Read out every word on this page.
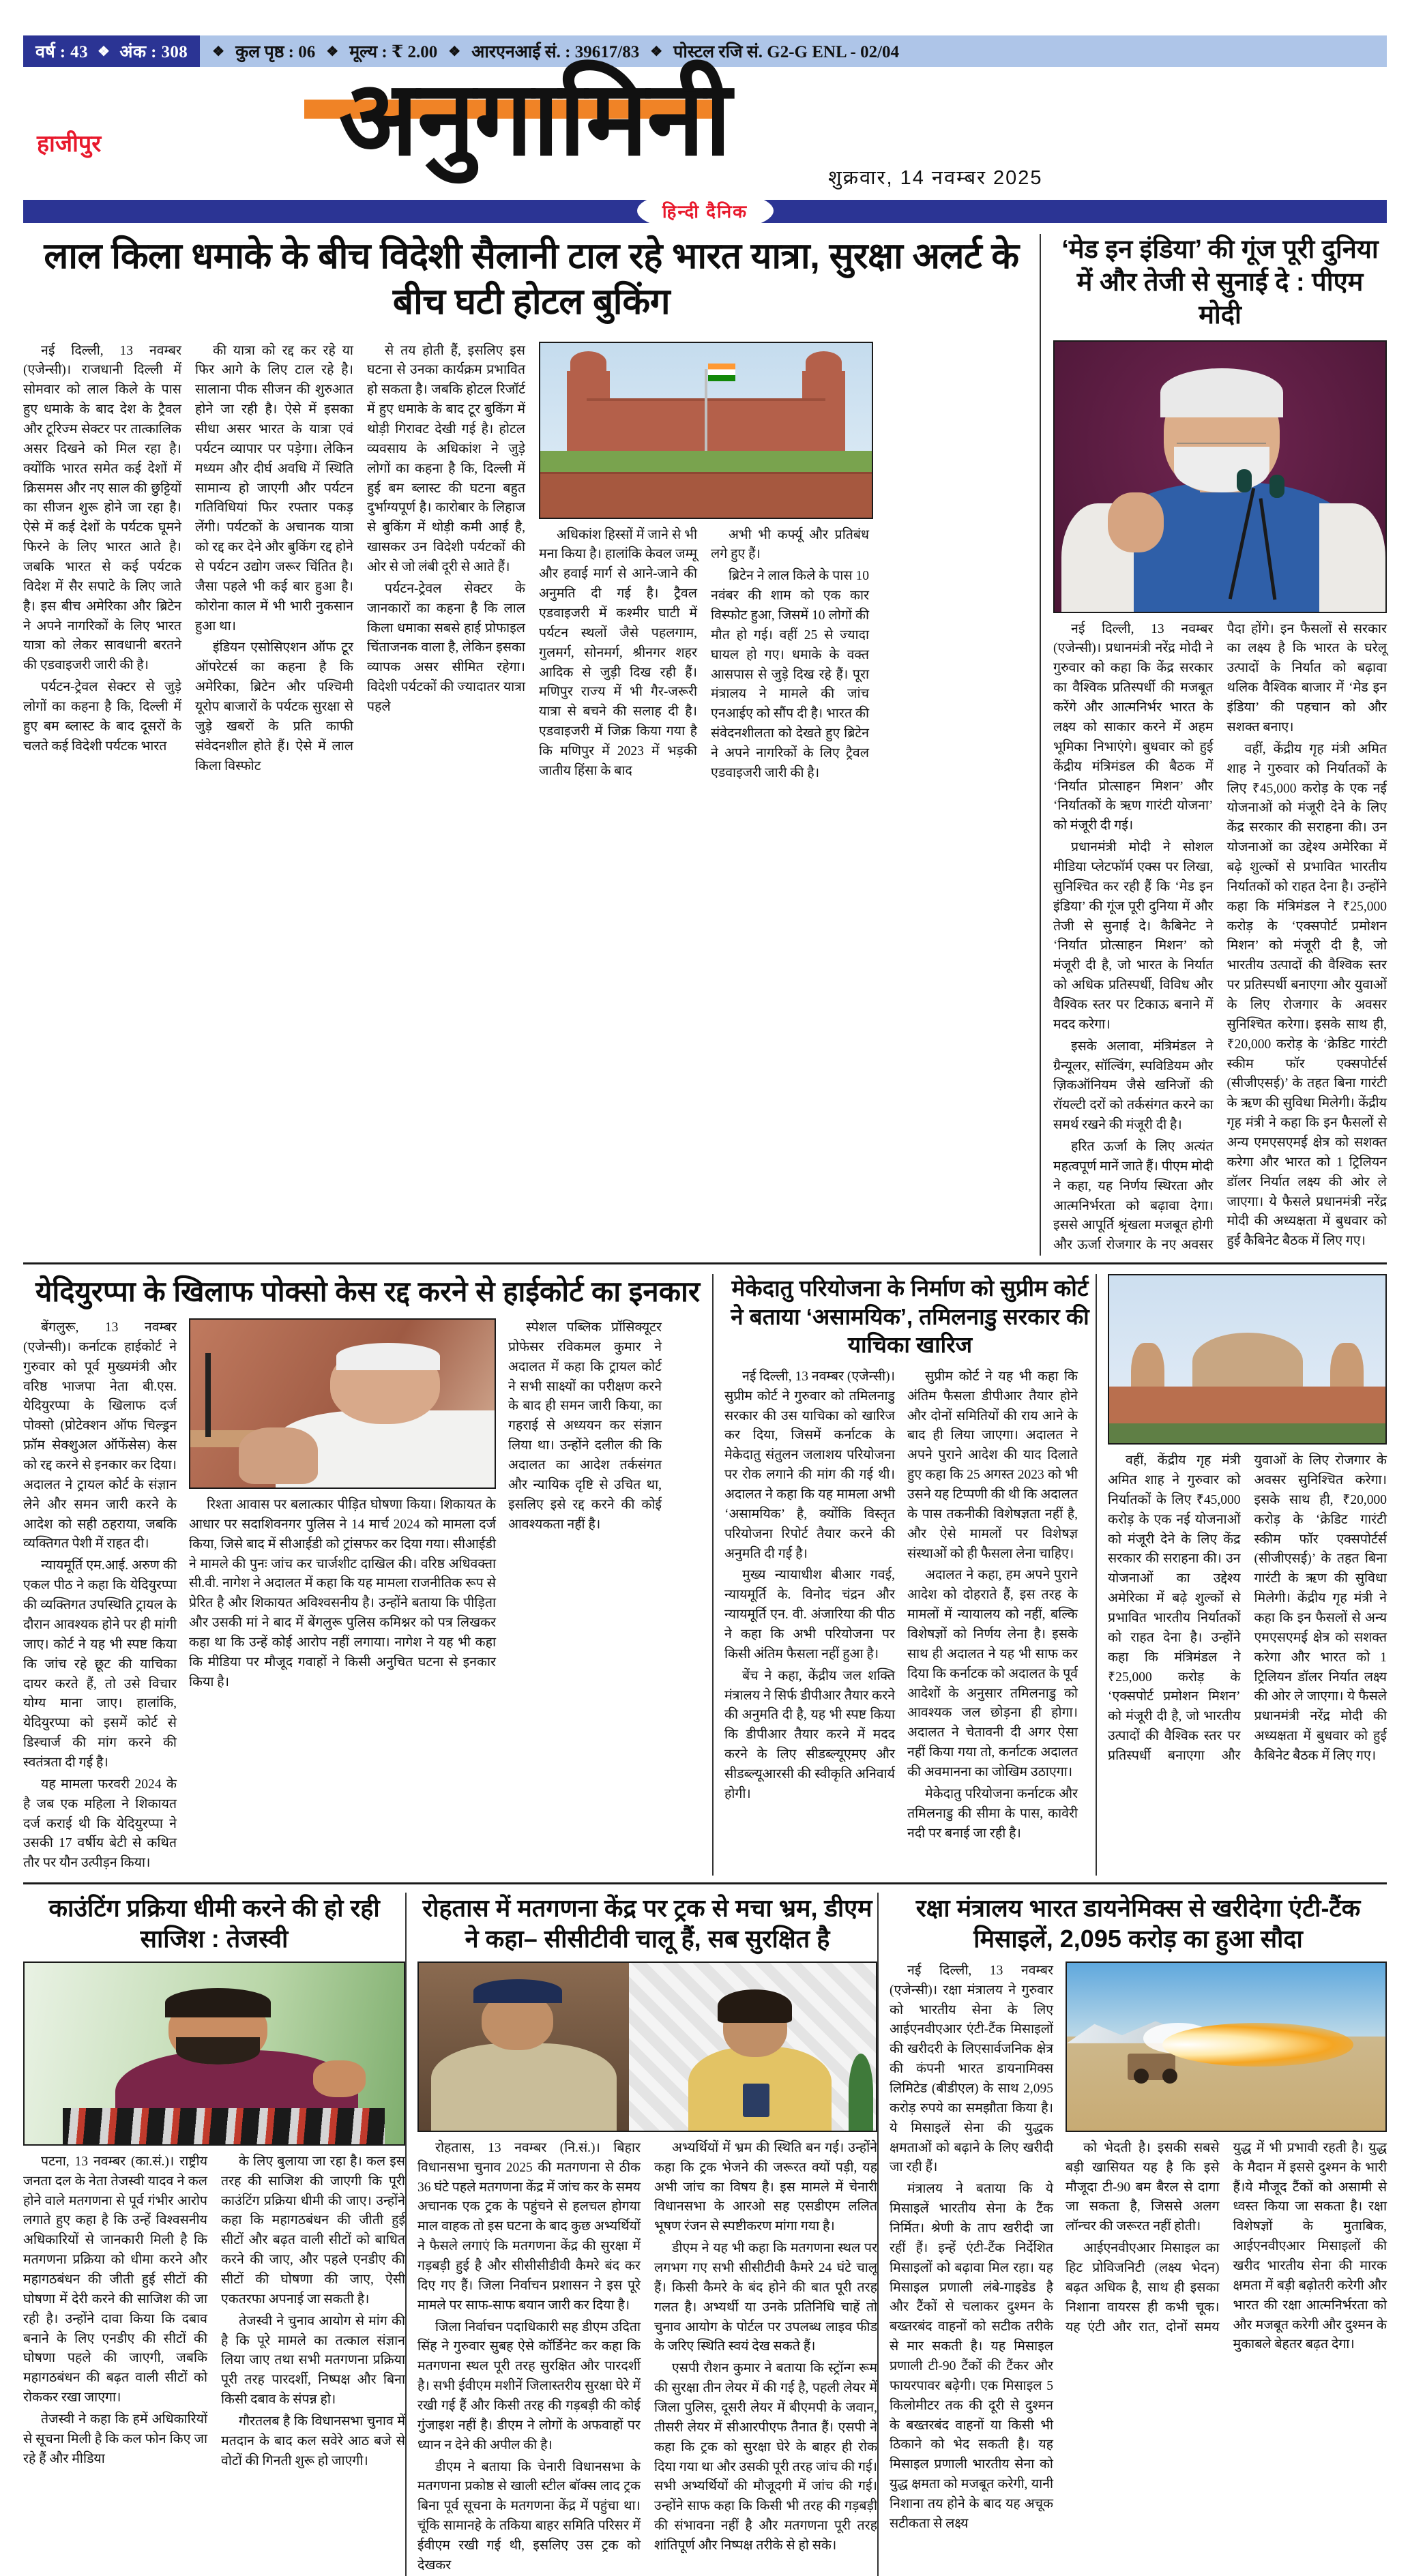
वर्ष : 43 ❖ अंक : 308 ❖ कुल पृष्ठ : 06 ❖ मूल्य : ₹ 2.00 ❖ आरएनआई सं. : 39617/83 ❖ पोस्टल रजि सं. G2-G ENL - 02/04
हाजीपुर	अनुगामिनी
शुक्रवार, 14 नवम्बर 2025
हिन्दी दैनिक
लाल किला धमाके के बीच विदेशी सैलानी टाल रहे भारत यात्रा, सुरक्षा अलर्ट के बीच घटी होटल बुकिंग

नई दिल्ली, 13 नवम्बर (एजेन्सी)। राजधानी दिल्ली में सोमवार को लाल किले के पास हुए धमाके के बाद देश के ट्रैवल और टूरिज्म सेक्टर पर तात्कालिक असर दिखने को मिल रहा है। क्योंकि भारत समेत कई देशों में क्रिसमस और नए साल की छुट्टियों का सीजन शुरू होने जा रहा है। ऐसे में कई देशों के पर्यटक घूमने फिरने के लिए भारत आते है। जबकि भारत से कई पर्यटक विदेश में सैर सपाटे के लिए जाते है। इस बीच अमेरिका और ब्रिटेन ने अपने नागरिकों के लिए भारत यात्रा को लेकर सावधानी बरतने की एडवाइजरी जारी की है।

पर्यटन-ट्रेवल सेक्टर से जुड़े लोगों का कहना है कि, दिल्ली में हुए बम ब्लास्ट के बाद दूसरों के चलते कई विदेशी पर्यटक भारत

की यात्रा को रद्द कर रहे या फिर आगे के लिए टाल रहे है। सालाना पीक सीजन की शुरुआत होने जा रही है। ऐसे में इसका सीधा असर भारत के यात्रा एवं पर्यटन व्यापार पर पड़ेगा। लेकिन मध्यम और दीर्घ अवधि में स्थिति सामान्य हो जाएगी और पर्यटन गतिविधियां फिर रफ्तार पकड़ लेंगी। पर्यटकों के अचानक यात्रा को रद्द कर देने और बुकिंग रद्द होने से पर्यटन उद्योग जरूर चिंतित है। जैसा पहले भी कई बार हुआ है। कोरोना काल में भी भारी नुकसान हुआ था।

इंडियन एसोसिएशन ऑफ टूर ऑपरेटर्स का कहना है कि अमेरिका, ब्रिटेन और पश्चिमी यूरोप बाजारों के पर्यटक सुरक्षा से जुड़े खबरों के प्रति काफी संवेदनशील होते हैं। ऐसे में लाल किला विस्फोट

से तय होती हैं, इसलिए इस घटना से उनका कार्यक्रम प्रभावित हो सकता है। जबकि होटल रिजॉर्ट में हुए धमाके के बाद टूर बुकिंग में थोड़ी गिरावट देखी गई है। होटल व्यवसाय के अधिकांश ने जुड़े लोगों का कहना है कि, दिल्ली में हुई बम ब्लास्ट की घटना बहुत दुर्भाग्यपूर्ण है। कारोबार के लिहाज से बुकिंग में थोड़ी कमी आई है, खासकर उन विदेशी पर्यटकों की ओर से जो लंबी दूरी से आते हैं।

पर्यटन-ट्रेवल सेक्टर के जानकारों का कहना है कि लाल किला धमाका सबसे हाई प्रोफाइल चिंताजनक वाला है, लेकिन इसका व्यापक असर सीमित रहेगा। विदेशी पर्यटकों की ज्यादातर यात्रा पहले

अधिकांश हिस्सों में जाने से भी मना किया है। हालांकि केवल जम्मू और हवाई मार्ग से आने-जाने की अनुमति दी गई है। ट्रैवल एडवाइजरी में कश्मीर घाटी में पर्यटन स्थलों जैसे पहलगाम, गुलमर्ग, सोनमर्ग, श्रीनगर शहर आदिक से जुड़ी दिख रही हैं। मणिपुर राज्य में भी गैर-जरूरी यात्रा से बचने की सलाह दी है। एडवाइजरी में जिक्र किया गया है कि मणिपुर में 2023 में भड़की जातीय हिंसा के बाद

अभी भी कर्फ्यू और प्रतिबंध लगे हुए हैं।

ब्रिटेन ने लाल किले के पास 10 नवंबर की शाम को एक कार विस्फोट हुआ, जिसमें 10 लोगों की मौत हो गई। वहीं 25 से ज्यादा घायल हो गए। धमाके के वक्त आसपास से जुड़े दिख रहे हैं। पूरा मंत्रालय ने मामले की जांच एनआईए को सौंप दी है। भारत की संवेदनशीलता को देखते हुए ब्रिटेन ने अपने नागरिकों के लिए ट्रैवल एडवाइजरी जारी की है।

‘मेड इन इंडिया’ की गूंज पूरी दुनिया में और तेजी से सुनाई दे : पीएम मोदी

नई दिल्ली, 13 नवम्बर (एजेन्सी)। प्रधानमंत्री नरेंद्र मोदी ने गुरुवार को कहा कि केंद्र सरकार का वैश्विक प्रतिस्पर्धी की मजबूत करेंगे और आत्मनिर्भर भारत के लक्ष्य को साकार करने में अहम भूमिका निभाएंगे। बुधवार को हुई केंद्रीय मंत्रिमंडल की बैठक में ‘निर्यात प्रोत्साहन मिशन’ और ‘निर्यातकों के ऋण गारंटी योजना’ को मंजूरी दी गई।

प्रधानमंत्री मोदी ने सोशल मीडिया प्लेटफॉर्म एक्स पर लिखा, सुनिश्चित कर रही हैं कि ‘मेड इन इंडिया’ की गूंज पूरी दुनिया में और तेजी से सुनाई दे। कैबिनेट ने ‘निर्यात प्रोत्साहन मिशन’ को मंजूरी दी है, जो भारत के निर्यात को अधिक प्रतिस्पर्धी, विविध और वैश्विक स्तर पर टिकाऊ बनाने में मदद करेगा।

इसके अलावा, मंत्रिमंडल ने ग्रैन्यूलर, सॉल्विंग, स्पविडियम और ज़िकऑनियम जैसे खनिजों की रॉयल्टी दरों को तर्कसंगत करने का समर्थ रखने की मंजूरी दी है।

हरित ऊर्जा के लिए अत्यंत महत्वपूर्ण मानें जाते हैं। पीएम मोदी ने कहा, यह निर्णय स्थिरता और आत्मनिर्भरता को बढ़ावा देगा। इससे आपूर्ति श्रृंखला मजबूत होगी और ऊर्जा रोजगार के नए अवसर पैदा होंगे। इन फैसलों से सरकार का लक्ष्य है कि भारत के घरेलू उत्पादों के निर्यात को बढ़ावा थलिक वैश्विक बाजार में ‘मेड इन इंडिया’ की पहचान को और सशक्त बनाए।

वहीं, केंद्रीय गृह मंत्री अमित शाह ने गुरुवार को निर्यातकों के लिए ₹45,000 करोड़ के एक नई योजनाओं को मंजूरी देने के लिए केंद्र सरकार की सराहना की। उन योजनाओं का उद्देश्य अमेरिका में बढ़े शुल्कों से प्रभावित भारतीय निर्यातकों को राहत देना है। उन्होंने कहा कि मंत्रिमंडल ने ₹25,000 करोड़ के ‘एक्सपोर्ट प्रमोशन मिशन’ को मंजूरी दी है, जो भारतीय उत्पादों की वैश्विक स्तर पर प्रतिस्पर्धी बनाएगा और युवाओं के लिए रोजगार के अवसर सुनिश्चित करेगा। इसके साथ ही, ₹20,000 करोड़ के ‘क्रेडिट गारंटी स्कीम फॉर एक्सपोर्टर्स (सीजीएसई)’ के तहत बिना गारंटी के ऋण की सुविधा मिलेगी। केंद्रीय गृह मंत्री ने कहा कि इन फैसलों से अन्य एमएसएमई क्षेत्र को सशक्त करेगा और भारत को 1 ट्रिलियन डॉलर निर्यात लक्ष्य की ओर ले जाएगा। ये फैसले प्रधानमंत्री नरेंद्र मोदी की अध्यक्षता में बुधवार को हुई कैबिनेट बैठक में लिए गए।

येदियुरप्पा के खिलाफ पोक्सो केस रद्द करने से हाईकोर्ट का इनकार

बेंगलुरू, 13 नवम्बर (एजेन्सी)। कर्नाटक हाईकोर्ट ने गुरुवार को पूर्व मुख्यमंत्री और वरिष्ठ भाजपा नेता बी.एस. येदियुरप्पा के खिलाफ दर्ज पोक्सो (प्रोटेक्शन ऑफ चिल्ड्रन फ्रॉम सेक्शुअल ऑफेंसेस) केस को रद्द करने से इनकार कर दिया। अदालत ने ट्रायल कोर्ट के संज्ञान लेने और समन जारी करने के आदेश को सही ठहराया, जबकि व्यक्तिगत पेशी में राहत दी।

न्यायमूर्ति एम.आई. अरुण की एकल पीठ ने कहा कि येदियुरप्पा की व्यक्तिगत उपस्थिति ट्रायल के दौरान आवश्यक होने पर ही मांगी जाए। कोर्ट ने यह भी स्पष्ट किया कि जांच रहे छूट की याचिका दायर करते हैं, तो उसे विचार योग्य माना जाए। हालांकि, येदियुरप्पा को इसमें कोर्ट से डिस्चार्ज की मांग करने की स्वतंत्रता दी गई है।

यह मामला फरवरी 2024 के है जब एक महिला ने शिकायत दर्ज कराई थी कि येदियुरप्पा ने उसकी 17 वर्षीय बेटी से कथित तौर पर यौन उत्पीड़न किया।

रिश्ता आवास पर बलात्कार पीड़ित घोषणा किया। शिकायत के आधार पर सदाशिवनगर पुलिस ने 14 मार्च 2024 को मामला दर्ज किया, जिसे बाद में सीआईडी को ट्रांसफर कर दिया गया। सीआईडी ने मामले की पुनः जांच कर चार्जशीट दाखिल की। वरिष्ठ अधिवक्ता सी.वी. नागेश ने अदालत में कहा कि यह मामला राजनीतिक रूप से प्रेरित है और शिकायत अविश्वसनीय है। उन्होंने बताया कि पीड़िता और उसकी मां ने बाद में बेंगलुरू पुलिस कमिश्नर को पत्र लिखकर कहा था कि उन्हें कोई आरोप नहीं लगाया। नागेश ने यह भी कहा कि मीडिया पर मौजूद गवाहों ने किसी अनुचित घटना से इनकार किया है।

स्पेशल पब्लिक प्रॉसिक्यूटर प्रोफेसर रविकमल कुमार ने अदालत में कहा कि ट्रायल कोर्ट ने सभी साक्ष्यों का परीक्षण करने के बाद ही समन जारी किया, का गहराई से अध्ययन कर संज्ञान लिया था। उन्होंने दलील की कि अदालत का आदेश तर्कसंगत और न्यायिक दृष्टि से उचित था, इसलिए इसे रद्द करने की कोई आवश्यकता नहीं है।

मेकेदातु परियोजना के निर्माण को सुप्रीम कोर्ट ने बताया ‘असामयिक’, तमिलनाडु सरकार की याचिका खारिज

नई दिल्ली, 13 नवम्बर (एजेन्सी)। सुप्रीम कोर्ट ने गुरुवार को तमिलनाडु सरकार की उस याचिका को खारिज कर दिया, जिसमें कर्नाटक के मेकेदातु संतुलन जलाशय परियोजना पर रोक लगाने की मांग की गई थी। अदालत ने कहा कि यह मामला अभी ‘असामयिक’ है, क्योंकि विस्तृत परियोजना रिपोर्ट तैयार करने की अनुमति दी गई है।

मुख्य न्यायाधीश बीआर गवई, न्यायमूर्ति के. विनोद चंद्रन और न्यायमूर्ति एन. वी. अंजारिया की पीठ ने कहा कि अभी परियोजना पर किसी अंतिम फैसला नहीं हुआ है।

बेंच ने कहा, केंद्रीय जल शक्ति मंत्रालय ने सिर्फ डीपीआर तैयार करने की अनुमति दी है, यह भी स्पष्ट किया कि डीपीआर तैयार करने में मदद करने के लिए सीडब्ल्यूएमए और सीडब्ल्यूआरसी की स्वीकृति अनिवार्य होगी।

सुप्रीम कोर्ट ने यह भी कहा कि अंतिम फैसला डीपीआर तैयार होने और दोनों समितियों की राय आने के बाद ही लिया जाएगा। अदालत ने अपने पुराने आदेश की याद दिलाते हुए कहा कि 25 अगस्त 2023 को भी उसने यह टिप्पणी की थी कि अदालत के पास तकनीकी विशेषज्ञता नहीं है, और ऐसे मामलों पर विशेषज्ञ संस्थाओं को ही फैसला लेना चाहिए।

अदालत ने कहा, हम अपने पुराने आदेश को दोहराते हैं, इस तरह के मामलों में न्यायालय को नहीं, बल्कि विशेषज्ञों को निर्णय लेना है। इसके साथ ही अदालत ने यह भी साफ कर दिया कि कर्नाटक को अदालत के पूर्व आदेशों के अनुसार तमिलनाडु को आवश्यक जल छोड़ना ही होगा। अदालत ने चेतावनी दी अगर ऐसा नहीं किया गया तो, कर्नाटक अदालत की अवमानना का जोखिम उठाएगा।

मेकेदातु परियोजना कर्नाटक और तमिलनाडु की सीमा के पास, कावेरी नदी पर बनाई जा रही है।

वहीं, केंद्रीय गृह मंत्री अमित शाह ने गुरुवार को निर्यातकों के लिए ₹45,000 करोड़ के एक नई योजनाओं को मंजूरी देने के लिए केंद्र सरकार की सराहना की। उन योजनाओं का उद्देश्य अमेरिका में बढ़े शुल्कों से प्रभावित भारतीय निर्यातकों को राहत देना है। उन्होंने कहा कि मंत्रिमंडल ने ₹25,000 करोड़ के ‘एक्सपोर्ट प्रमोशन मिशन’ को मंजूरी दी है, जो भारतीय उत्पादों की वैश्विक स्तर पर प्रतिस्पर्धी बनाएगा और युवाओं के लिए रोजगार के अवसर सुनिश्चित करेगा। इसके साथ ही, ₹20,000 करोड़ के ‘क्रेडिट गारंटी स्कीम फॉर एक्सपोर्टर्स (सीजीएसई)’ के तहत बिना गारंटी के ऋण की सुविधा मिलेगी। केंद्रीय गृह मंत्री ने कहा कि इन फैसलों से अन्य एमएसएमई क्षेत्र को सशक्त करेगा और भारत को 1 ट्रिलियन डॉलर निर्यात लक्ष्य की ओर ले जाएगा। ये फैसले प्रधानमंत्री नरेंद्र मोदी की अध्यक्षता में बुधवार को हुई कैबिनेट बैठक में लिए गए।

काउंटिंग प्रक्रिया धीमी करने की हो रही साजिश : तेजस्वी

पटना, 13 नवम्बर (का.सं.)। राष्ट्रीय जनता दल के नेता तेजस्वी यादव ने कल होने वाले मतगणना से पूर्व गंभीर आरोप लगाते हुए कहा है कि उन्हें विश्वसनीय अधिकारियों से जानकारी मिली है कि मतगणना प्रक्रिया को धीमा करने और महागठबंधन की जीती हुई सीटों की घोषणा में देरी करने की साजिश की जा रही है। उन्होंने दावा किया कि दबाव बनाने के लिए एनडीए की सीटों की घोषणा पहले की जाएगी, जबकि महागठबंधन की बढ़त वाली सीटों को रोककर रखा जाएगा।

तेजस्वी ने कहा कि हमें अधिकारियों से सूचना मिली है कि कल फोन किए जा रहे हैं और मीडिया

के लिए बुलाया जा रहा है। कल इस तरह की साजिश की जाएगी कि पूरी काउंटिंग प्रक्रिया धीमी की जाए। उन्होंने कहा कि महागठबंधन की जीती हुई सीटों और बढ़त वाली सीटों को बाधित करने की जाए, और पहले एनडीए की सीटों की घोषणा की जाए, ऐसी एकतरफा अपनाई जा सकती है।

तेजस्वी ने चुनाव आयोग से मांग की है कि पूरे मामले का तत्काल संज्ञान लिया जाए तथा सभी मतगणना प्रक्रिया पूरी तरह पारदर्शी, निष्पक्ष और बिना किसी दबाव के संपन्न हो।

गौरतलब है कि विधानसभा चुनाव में मतदान के बाद कल सवेरे आठ बजे से वोटों की गिनती शुरू हो जाएगी।

रोहतास में मतगणना केंद्र पर ट्रक से मचा भ्रम, डीएम ने कहा– सीसीटीवी चालू हैं, सब सुरक्षित है

रोहतास, 13 नवम्बर (नि.सं.)। बिहार विधानसभा चुनाव 2025 की मतगणना से ठीक 36 घंटे पहले मतगणना केंद्र में जांच कर के समय अचानक एक ट्रक के पहुंचने से हलचल होगया माल वाहक तो इस घटना के बाद कुछ अभ्यर्थियों ने फैसले लगाएं कि मतगणना केंद्र की सुरक्षा में गड़बड़ी हुई है और सीसीसीडीवी कैमरे बंद कर दिए गए हैं। जिला निर्वाचन प्रशासन ने इस पूरे मामले पर साफ-साफ बयान जारी कर दिया है।

जिला निर्वाचन पदाधिकारी सह डीएम उदिता सिंह ने गुरुवार सुबह ऐसे कॉर्डिनेट कर कहा कि मतगणना स्थल पूरी तरह सुरक्षित और पारदर्शी है। सभी ईवीएम मशीनें जिलास्तरीय सुरक्षा घेरे में रखी गई हैं और किसी तरह की गड़बड़ी की कोई गुंजाइश नहीं है। डीएम ने लोगों के अफवाहों पर ध्यान न देने की अपील की है।

डीएम ने बताया कि चेनारी विधानसभा के मतगणना प्रकोष्ठ से खाली स्टील बॉक्स लाद ट्रक बिना पूर्व सूचना के मतगणना केंद्र में पहुंचा था। चूंकि सामानहे के तकिया बाहर समिति परिसर में ईवीएम रखी गई थी, इसलिए उस ट्रक को देखकर

अभ्यर्थियों में भ्रम की स्थिति बन गई। उन्होंने कहा कि ट्रक भेजने की जरूरत क्यों पड़ी, यह अभी जांच का विषय है। इस मामले में चेनारी विधानसभा के आरओ सह एसडीएम ललित भूषण रंजन से स्पष्टीकरण मांगा गया है।

डीएम ने यह भी कहा कि मतगणना स्थल पर लगभग गए सभी सीसीटीवी कैमरे 24 घंटे चालू हैं। किसी कैमरे के बंद होने की बात पूरी तरह गलत है। अभ्यर्थी या उनके प्रतिनिधि चाहें तो चुनाव आयोग के पोर्टल पर उपलब्ध लाइव फीड के जरिए स्थिति स्वयं देख सकते हैं।

एसपी रौशन कुमार ने बताया कि स्ट्रॉन्ग रूम की सुरक्षा तीन लेयर में की गई है, पहली लेयर में जिला पुलिस, दूसरी लेयर में बीएमपी के जवान, तीसरी लेयर में सीआरपीएफ तैनात हैं। एसपी ने कहा कि ट्रक को सुरक्षा घेरे के बाहर ही रोक दिया गया था और उसकी पूरी तरह जांच की गई। सभी अभ्यर्थियों की मौजूदगी में जांच की गई। उन्होंने साफ कहा कि किसी भी तरह की गड़बड़ी की संभावना नहीं है और मतगणना पूरी तरह शांतिपूर्ण और निष्पक्ष तरीके से हो सके।

रक्षा मंत्रालय भारत डायनेमिक्स से खरीदेगा एंटी-टैंक मिसाइलें, 2,095 करोड़ का हुआ सौदा

नई दिल्ली, 13 नवम्बर (एजेन्सी)। रक्षा मंत्रालय ने गुरुवार को भारतीय सेना के लिए आईएनवीएआर एंटी-टैंक मिसाइलों की खरीदरी के लिएसार्वजनिक क्षेत्र की कंपनी भारत डायनामिक्स लिमिटेड (बीडीएल) के साथ 2,095 करोड़ रुपये का समझौता किया है।ये मिसाइलें सेना की युद्धक क्षमताओं को बढ़ाने के लिए खरीदी जा रही हैं।

मंत्रालय ने बताया कि ये मिसाइलें भारतीय सेना के टैंक निर्मित। श्रेणी के ताप खरीदी जा रहीं हैं। इन्हें एंटी-टैंक निर्देशित मिसाइलों को बढ़ावा मिल रहा। यह मिसाइल प्रणाली लंबे-गाइडेड है और टैंकों से चलाकर दुश्मन के बख्तरबंद वाहनों को सटीक तरीके से मार सकती है। यह मिसाइल प्रणाली टी-90 टैंकों की टैंकर और फायरपावर बढ़ेगी। एक मिसाइल 5 किलोमीटर तक की दूरी से दुश्मन के बख्तरबंद वाहनों या किसी भी ठिकाने को भेद सकती है। यह मिसाइल प्रणाली भारतीय सेना को युद्ध क्षमता को मजबूत करेगी, यानी निशाना तय होने के बाद यह अचूक सटीकता से लक्ष्य

को भेदती है। इसकी सबसे बड़ी खासियत यह है कि इसे मौजूदा टी-90 बम बैरल से दागा जा सकता है, जिससे अलग लॉन्चर की जरूरत नहीं होती।

आईएनवीएआर मिसाइल का हिट प्रोविजनिटी (लक्ष्य भेदन) बढ़त अधिक है, साथ ही इसका निशाना वायरस ही कभी चूक। यह एंटी और रात, दोनों समय युद्ध में भी प्रभावी रहती है। युद्ध के मैदान में इससे दुश्मन के भारी हैं।ये मौजूद टैंकों को असामी से ध्वस्त किया जा सकता है। रक्षा विशेषज्ञों के मुताबिक, आईएनवीएआर मिसाइलों की खरीद भारतीय सेना की मारक क्षमता में बड़ी बढ़ोतरी करेगी और भारत की रक्षा आत्मनिर्भरता को और मजबूत करेगी और दुश्मन के मुकाबले बेहतर बढ़त देगा।
